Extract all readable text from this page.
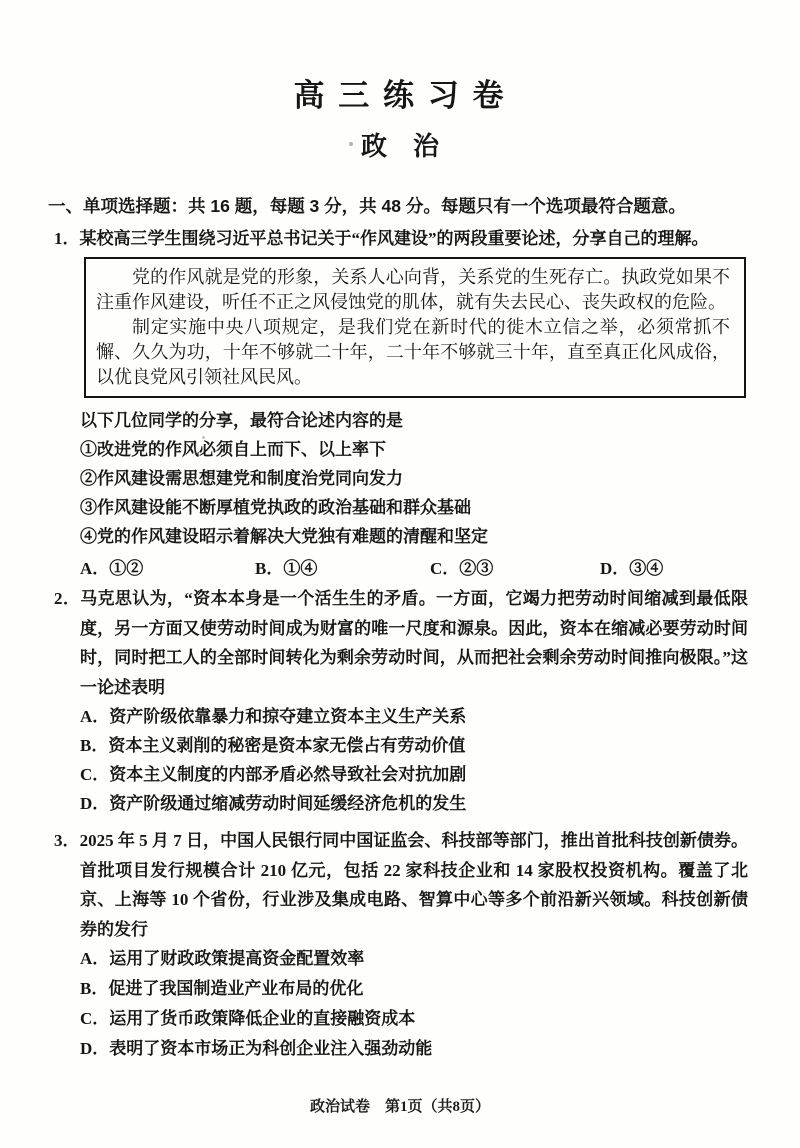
高 三 练 习 卷
政　治
一、单项选择题：共 16 题，每题 3 分，共 48 分。每题只有一个选项最符合题意。

1．某校高三学生围绕习近平总书记关于“作风建设”的两段重要论述，分享自己的理解。

党的作风就是党的形象，关系人心向背，关系党的生死存亡。执政党如果不注重作风建设，听任不正之风侵蚀党的肌体，就有失去民心、丧失政权的危险。

制定实施中央八项规定，是我们党在新时代的徙木立信之举，必须常抓不懈、久久为功，十年不够就二十年，二十年不够就三十年，直至真正化风成俗，以优良党风引领社风民风。

以下几位同学的分享，最符合论述内容的是

①改进党的作风必须自上而下、以上率下

②作风建设需思想建党和制度治党同向发力

③作风建设能不断厚植党执政的政治基础和群众基础

④党的作风建设昭示着解决大党独有难题的清醒和坚定

A．①②	B．①④	C．②③	D．③④

2．马克思认为，“资本本身是一个活生生的矛盾。一方面，它竭力把劳动时间缩减到最低限度，另一方面又使劳动时间成为财富的唯一尺度和源泉。因此，资本在缩减必要劳动时间时，同时把工人的全部时间转化为剩余劳动时间，从而把社会剩余劳动时间推向极限。”这一论述表明

A．资产阶级依靠暴力和掠夺建立资本主义生产关系

B．资本主义剥削的秘密是资本家无偿占有劳动价值

C．资本主义制度的内部矛盾必然导致社会对抗加剧

D．资产阶级通过缩减劳动时间延缓经济危机的发生

3．2025 年 5 月 7 日，中国人民银行同中国证监会、科技部等部门，推出首批科技创新债券。首批项目发行规模合计 210 亿元，包括 22 家科技企业和 14 家股权投资机构。覆盖了北京、上海等 10 个省份，行业涉及集成电路、智算中心等多个前沿新兴领域。科技创新债券的发行

A．运用了财政政策提高资金配置效率

B．促进了我国制造业产业布局的优化

C．运用了货币政策降低企业的直接融资成本

D．表明了资本市场正为科创企业注入强劲动能

政治试卷　第1页（共8页）
